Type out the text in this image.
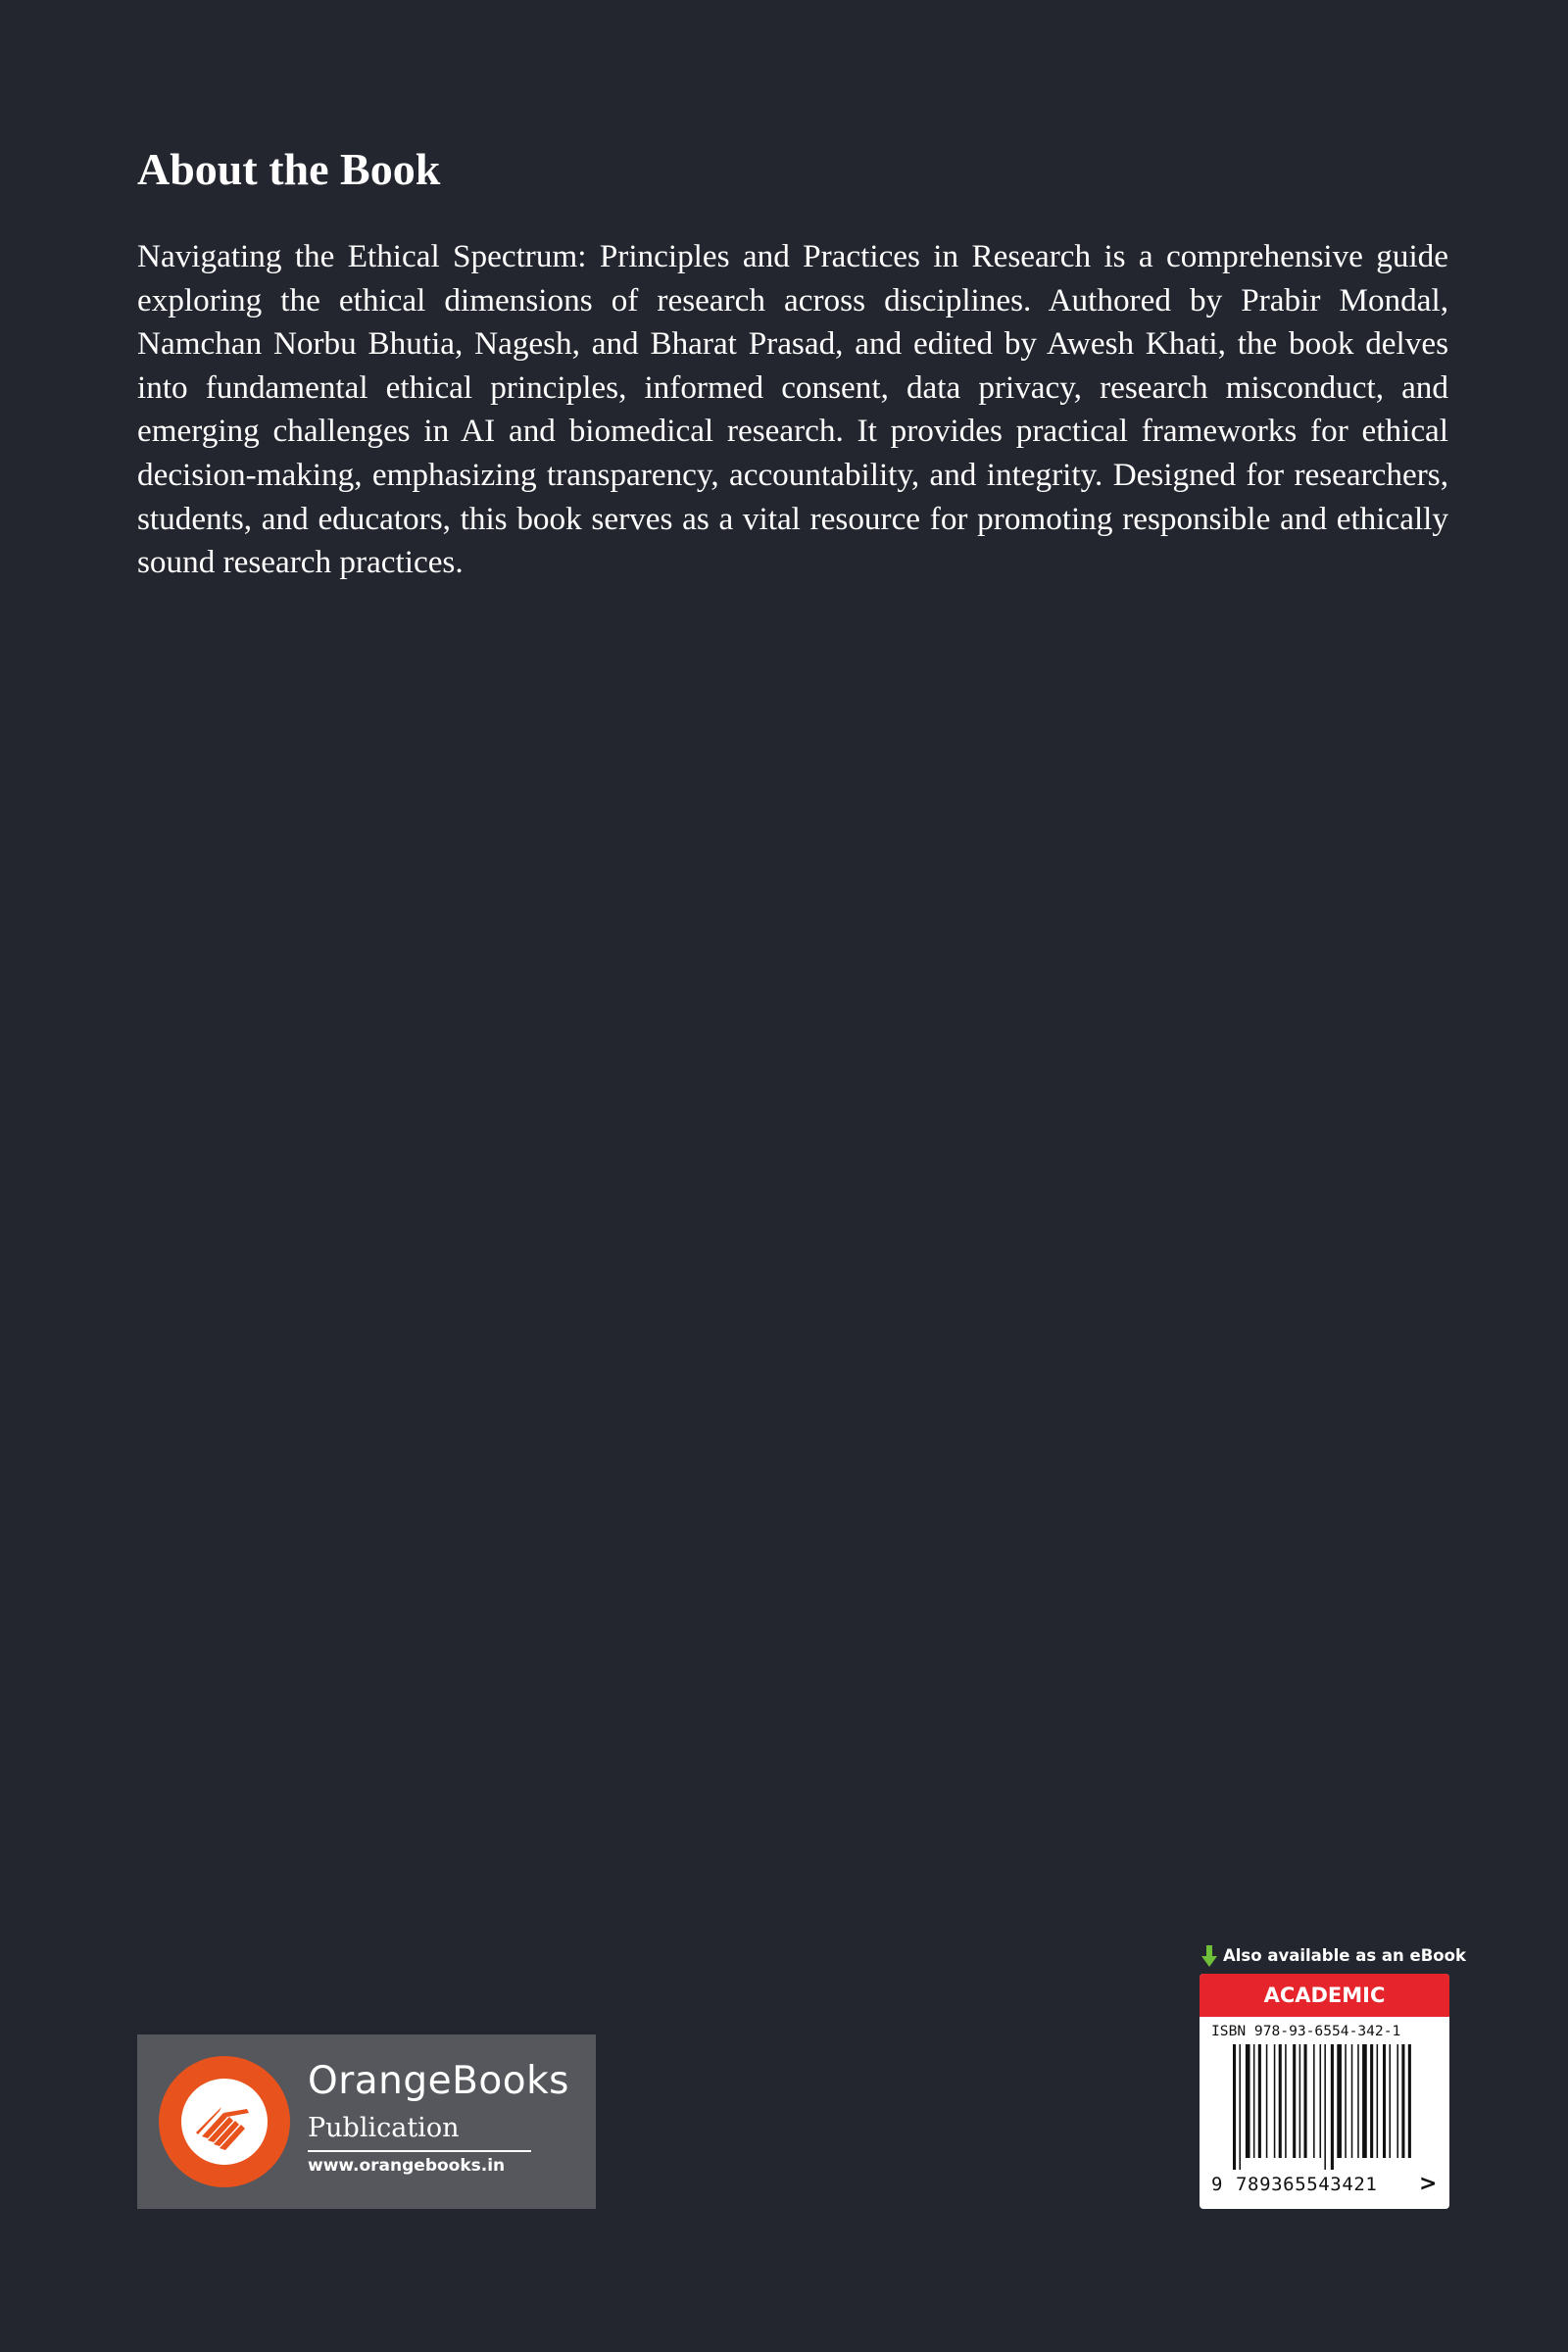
About the Book

Navigating the Ethical Spectrum: Principles and Practices in Research is a comprehensive guide exploring the ethical dimensions of research across disciplines. Authored by Prabir Mondal, Namchan Norbu Bhutia, Nagesh, and Bharat Prasad, and edited by Awesh Khati, the book delves into fundamental ethical principles, informed consent, data privacy, research misconduct, and emerging challenges in AI and biomedical research. It provides practical frameworks for ethical decision-making, emphasizing transparency, accountability, and integrity. Designed for researchers, students, and educators, this book serves as a vital resource for promoting responsible and ethically sound research practices.

OrangeBooks
Publication
www.orangebooks.in
Also available as an eBook
ACADEMIC
ISBN 978-93-6554-342-1
9 789365543421 >
